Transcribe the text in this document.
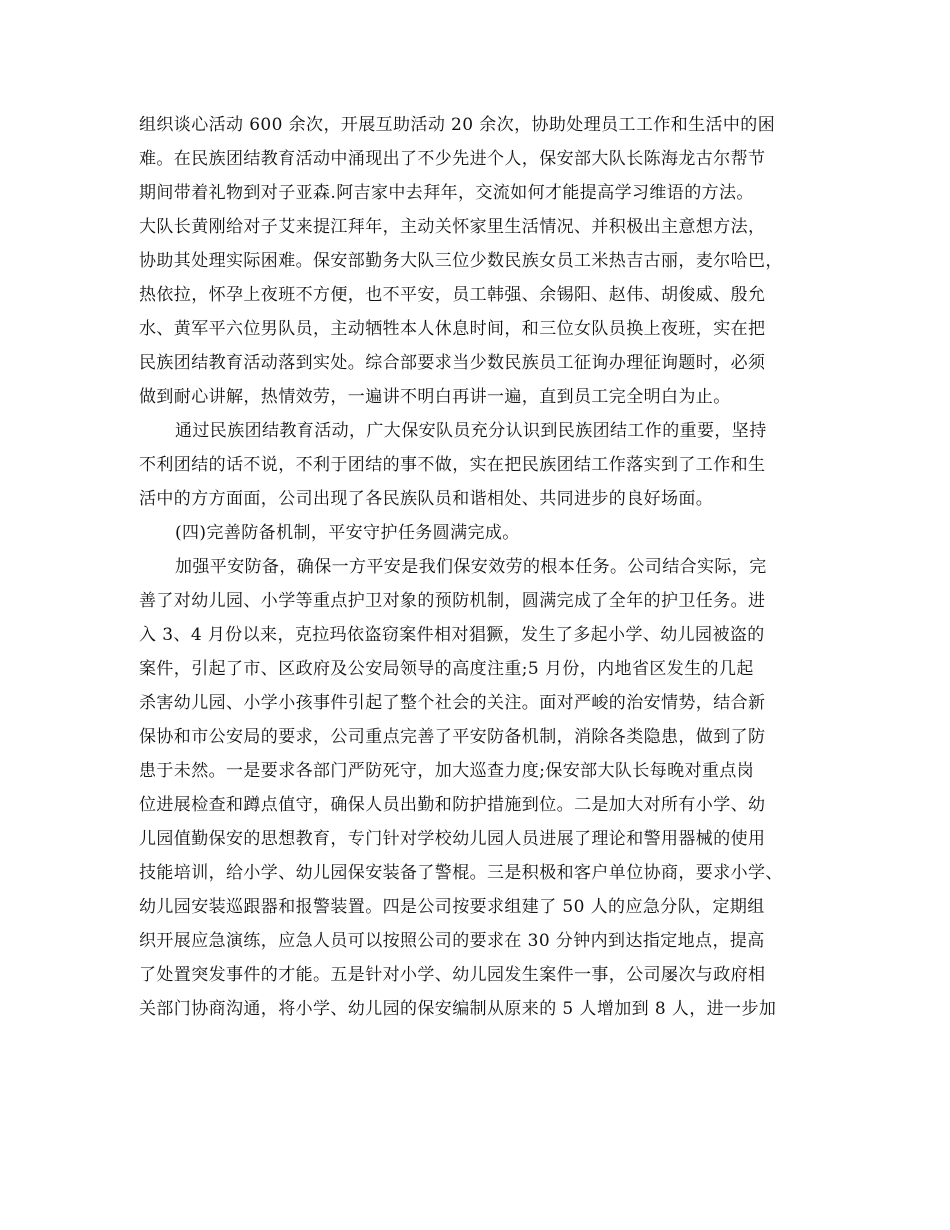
组织谈心活动 600 余次，开展互助活动 20 余次，协助处理员工工作和生活中的困
难。在民族团结教育活动中涌现出了不少先进个人，保安部大队长陈海龙古尔帮节
期间带着礼物到对子亚森.阿吉家中去拜年，交流如何才能提高学习维语的方法。
大队长黄刚给对子艾来提江拜年，主动关怀家里生活情况、并积极出主意想方法，
协助其处理实际困难。保安部勤务大队三位少数民族女员工米热吉古丽，麦尔哈巴，
热依拉，怀孕上夜班不方便，也不平安，员工韩强、余锡阳、赵伟、胡俊威、殷允
水、黄军平六位男队员，主动牺牲本人休息时间，和三位女队员换上夜班，实在把
民族团结教育活动落到实处。综合部要求当少数民族员工征询办理征询题时，必须
做到耐心讲解，热情效劳，一遍讲不明白再讲一遍，直到员工完全明白为止。
通过民族团结教育活动，广大保安队员充分认识到民族团结工作的重要，坚持
不利团结的话不说，不利于团结的事不做，实在把民族团结工作落实到了工作和生
活中的方方面面，公司出现了各民族队员和谐相处、共同进步的良好场面。
(四)完善防备机制，平安守护任务圆满完成。
加强平安防备，确保一方平安是我们保安效劳的根本任务。公司结合实际，完
善了对幼儿园、小学等重点护卫对象的预防机制，圆满完成了全年的护卫任务。进
入 3、4 月份以来，克拉玛依盗窃案件相对猖獗，发生了多起小学、幼儿园被盗的
案件，引起了市、区政府及公安局领导的高度注重;5 月份，内地省区发生的几起
杀害幼儿园、小学小孩事件引起了整个社会的关注。面对严峻的治安情势，结合新
保协和市公安局的要求，公司重点完善了平安防备机制，消除各类隐患，做到了防
患于未然。一是要求各部门严防死守，加大巡查力度;保安部大队长每晚对重点岗
位进展检查和蹲点值守，确保人员出勤和防护措施到位。二是加大对所有小学、幼
儿园值勤保安的思想教育，专门针对学校幼儿园人员进展了理论和警用器械的使用
技能培训，给小学、幼儿园保安装备了警棍。三是积极和客户单位协商，要求小学、
幼儿园安装巡跟器和报警装置。四是公司按要求组建了 50 人的应急分队，定期组
织开展应急演练，应急人员可以按照公司的要求在 30 分钟内到达指定地点，提高
了处置突发事件的才能。五是针对小学、幼儿园发生案件一事，公司屡次与政府相
关部门协商沟通，将小学、幼儿园的保安编制从原来的 5 人增加到 8 人，进一步加
